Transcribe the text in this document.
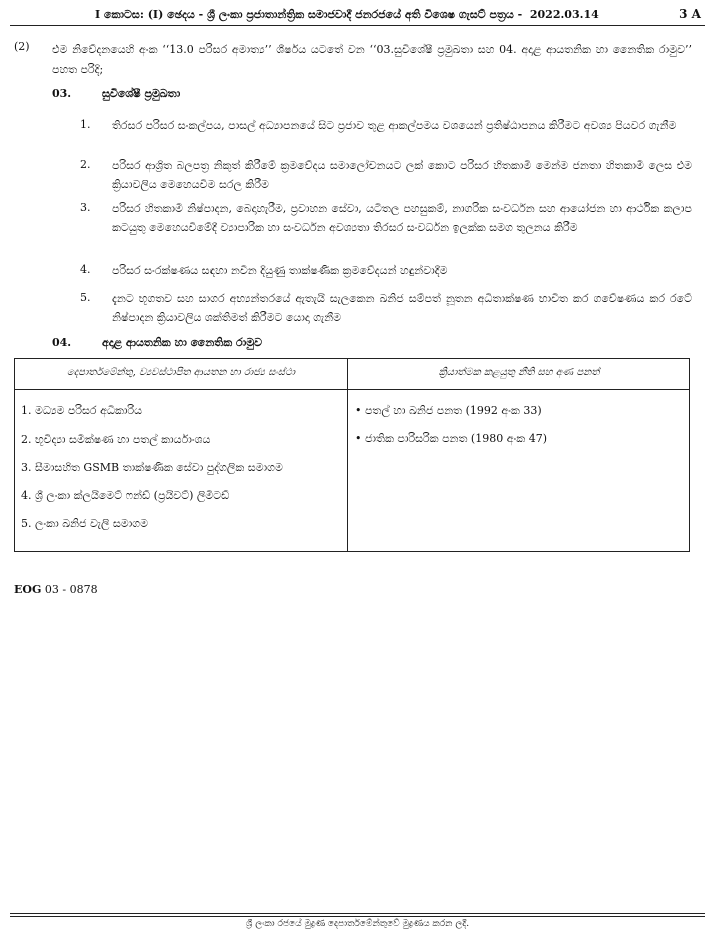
I කොටස: (I) ඡෙදය - ශ්‍රී ලංකා ප්‍රජාතාන්ත්‍රික සමාජවාදී ජනරජයේ අති විශෙෂ ගැසට් පත්‍රය - 2022.03.14	3 A
(2) එම නිවේදනයෙහි අංක ‘‘13.0 පරිසර අමාත්‍ය’’ ශීර්ෂය යටතේ වන ‘‘03.සුවිශේෂී ප්‍රමුඛතා සහ 04. අදාළ ආයතනික හා නෛතික රාමුව’’ පහත පරිදි;
03.	සුවිශේෂී ප්‍රමුඛතා
1. තිරසර පරිසර සංකල්පය, පාසල් අධ්‍යාපනයේ සිට ප්‍රජාව තුළ ආකල්පමය වශයෙන් ප්‍රතිෂ්ඨාපනය කිරීමට අවශ්‍ය පියවර ගැනීම
2. පරිසර ආශ්‍රිත බලපත්‍ර නිකුත් කිරීමේ ක්‍රමවේදය සමාලෝචනයට ලක් කොට පරිසර හිතකාමී මෙන්ම ජනතා හිතකාමී ලෙස එම ක්‍රියාවලිය මෙහෙයවීම සරල කිරීම
3. පරිසර හිතකාමී නිෂ්පාදන, බෙදාහැරීම, ප්‍රවාහන සේවා, යටිතල පහසුකම්, නාගරික සංවර්ධන සහ ආයෝජන හා ආර්ථික කලාප කටයුතු මෙහෙයවීමේදී ව්‍යාපාරික හා සංවර්ධන අවශ්‍යතා තිරසර සංවර්ධන ඉලක්ක සමග තුලනය කිරීම
4. පරිසර සංරක්ෂණය සඳහා නවීන දියුණු තාක්ෂණික ක්‍රමවේදයන් හඳුන්වාදීම
5. දැනට භූගතව සහ සාගර අභ්‍යන්තරයේ ඇතැයි සැලකෙන ඛනිජ සම්පත් නූතන අධිතාක්ෂණ භාවිත කර ගවේෂණය කර රටේ නිෂ්පාදන ක්‍රියාවලිය ශක්තිමත් කිරීමට යොදා ගැනීම
04.	අදාළ ආයතනික හා නෛතික රාමුව
දෙපාර්තමේන්තු, ව්‍යවස්ථාපිත ආයතන හා රාජ්‍ය සංස්ථා	ක්‍රියාත්මක කළයුතු නීති සහ අණ පනත්
1. මධ්‍යම පරිසර අධිකාරිය
2. භූවිද්‍යා සමීක්ෂණ හා පතල් කාර්යාංශය
3. සීමාසහිත GSMB තාක්ෂණික සේවා පුද්ගලික සමාගම
4. ශ්‍රී ලංකා ක්ලයිමෙට් ෆන්ඩ් (ප්‍රයිවට්) ලිමිටඩ්
5. ලංකා ඛනිජ වැලි සමාගම
• පතල් හා ඛනිජ පනත (1992 අංක 33)
• ජාතික පාරිසරික පනත (1980 අංක 47)
EOG 03 - 0878
ශ්‍රී ලංකා රජයේ මුද්‍රණ දෙපාර්තමේන්තුවේ මුද්‍රණය කරන ලදී.
